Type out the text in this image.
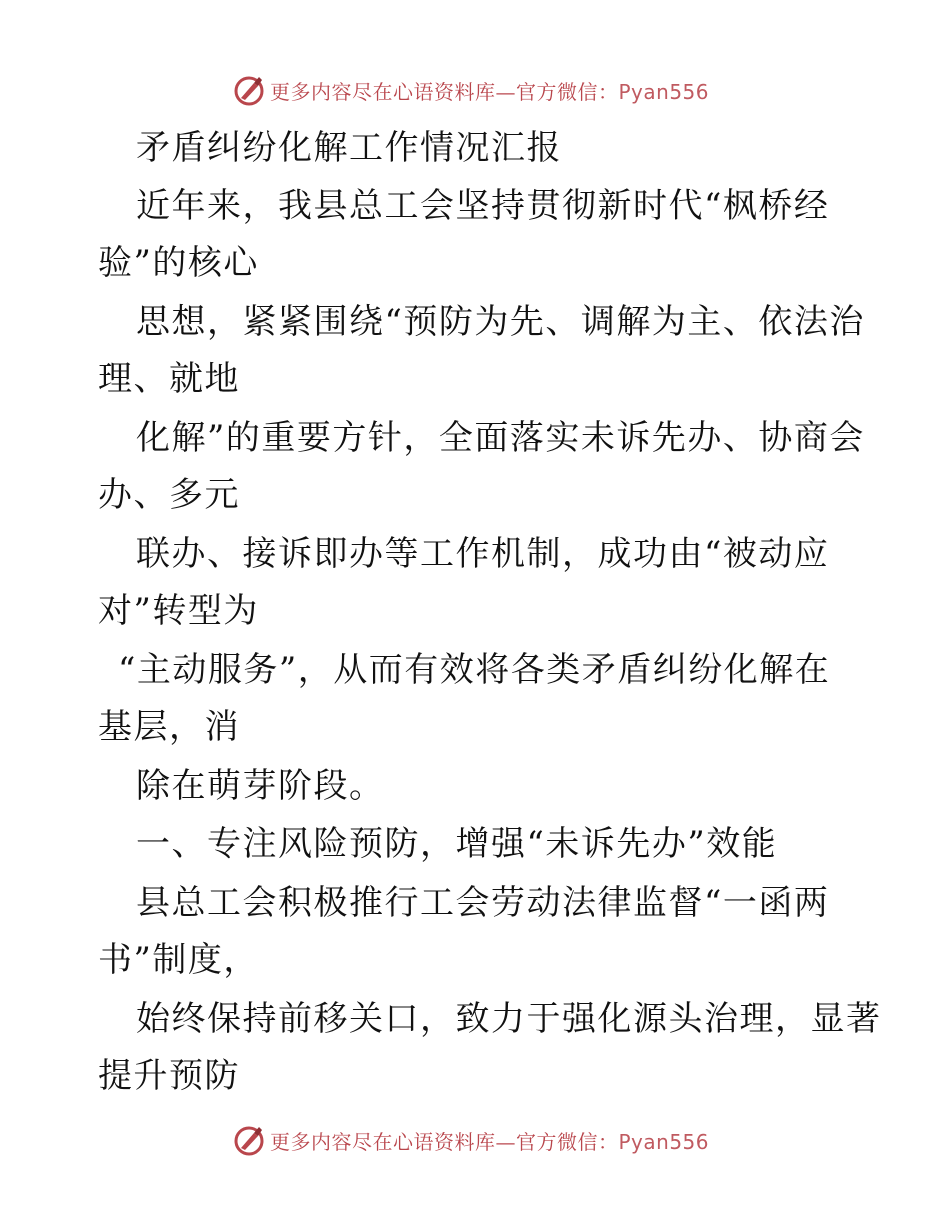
更多内容尽在心语资料库—官方微信：Pyan556
矛盾纠纷化解工作情况汇报
近年来，我县总工会坚持贯彻新时代“枫桥经
验”的核心
思想，紧紧围绕“预防为先、调解为主、依法治
理、就地
化解”的重要方针，全面落实未诉先办、协商会
办、多元
联办、接诉即办等工作机制，成功由“被动应
对”转型为
“主动服务”，从而有效将各类矛盾纠纷化解在
基层，消
除在萌芽阶段。
一、专注风险预防，增强“未诉先办”效能
县总工会积极推行工会劳动法律监督“一函两
书”制度，
始终保持前移关口，致力于强化源头治理，显著
提升预防
更多内容尽在心语资料库—官方微信：Pyan556
